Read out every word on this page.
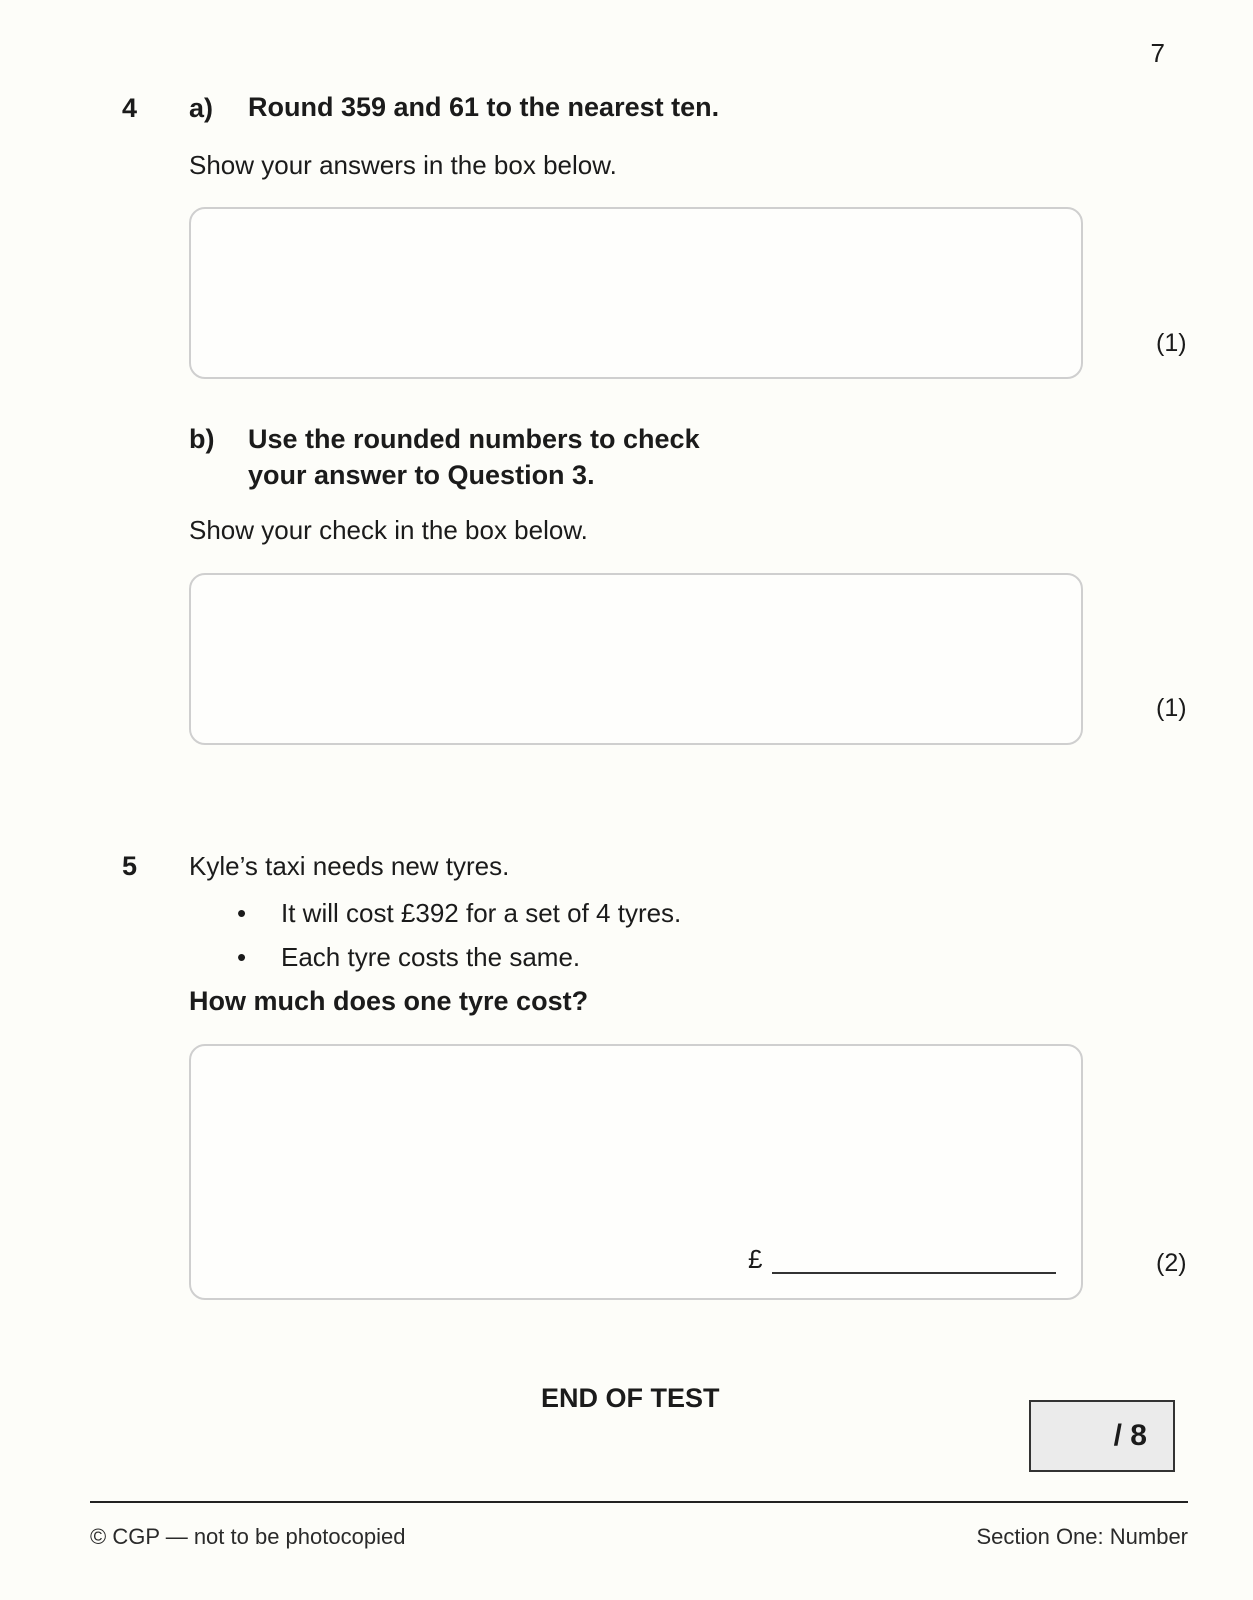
7
4 a) Round 359 and 61 to the nearest ten.
Show your answers in the box below.
(1)
b) Use the rounded numbers to check
your answer to Question 3.
Show your check in the box below.
(1)
5 Kyle’s taxi needs new tyres.
• It will cost £392 for a set of 4 tyres.
• Each tyre costs the same.
How much does one tyre cost?
£	(2)
END OF TEST
/ 8
© CGP — not to be photocopied	Section One: Number
